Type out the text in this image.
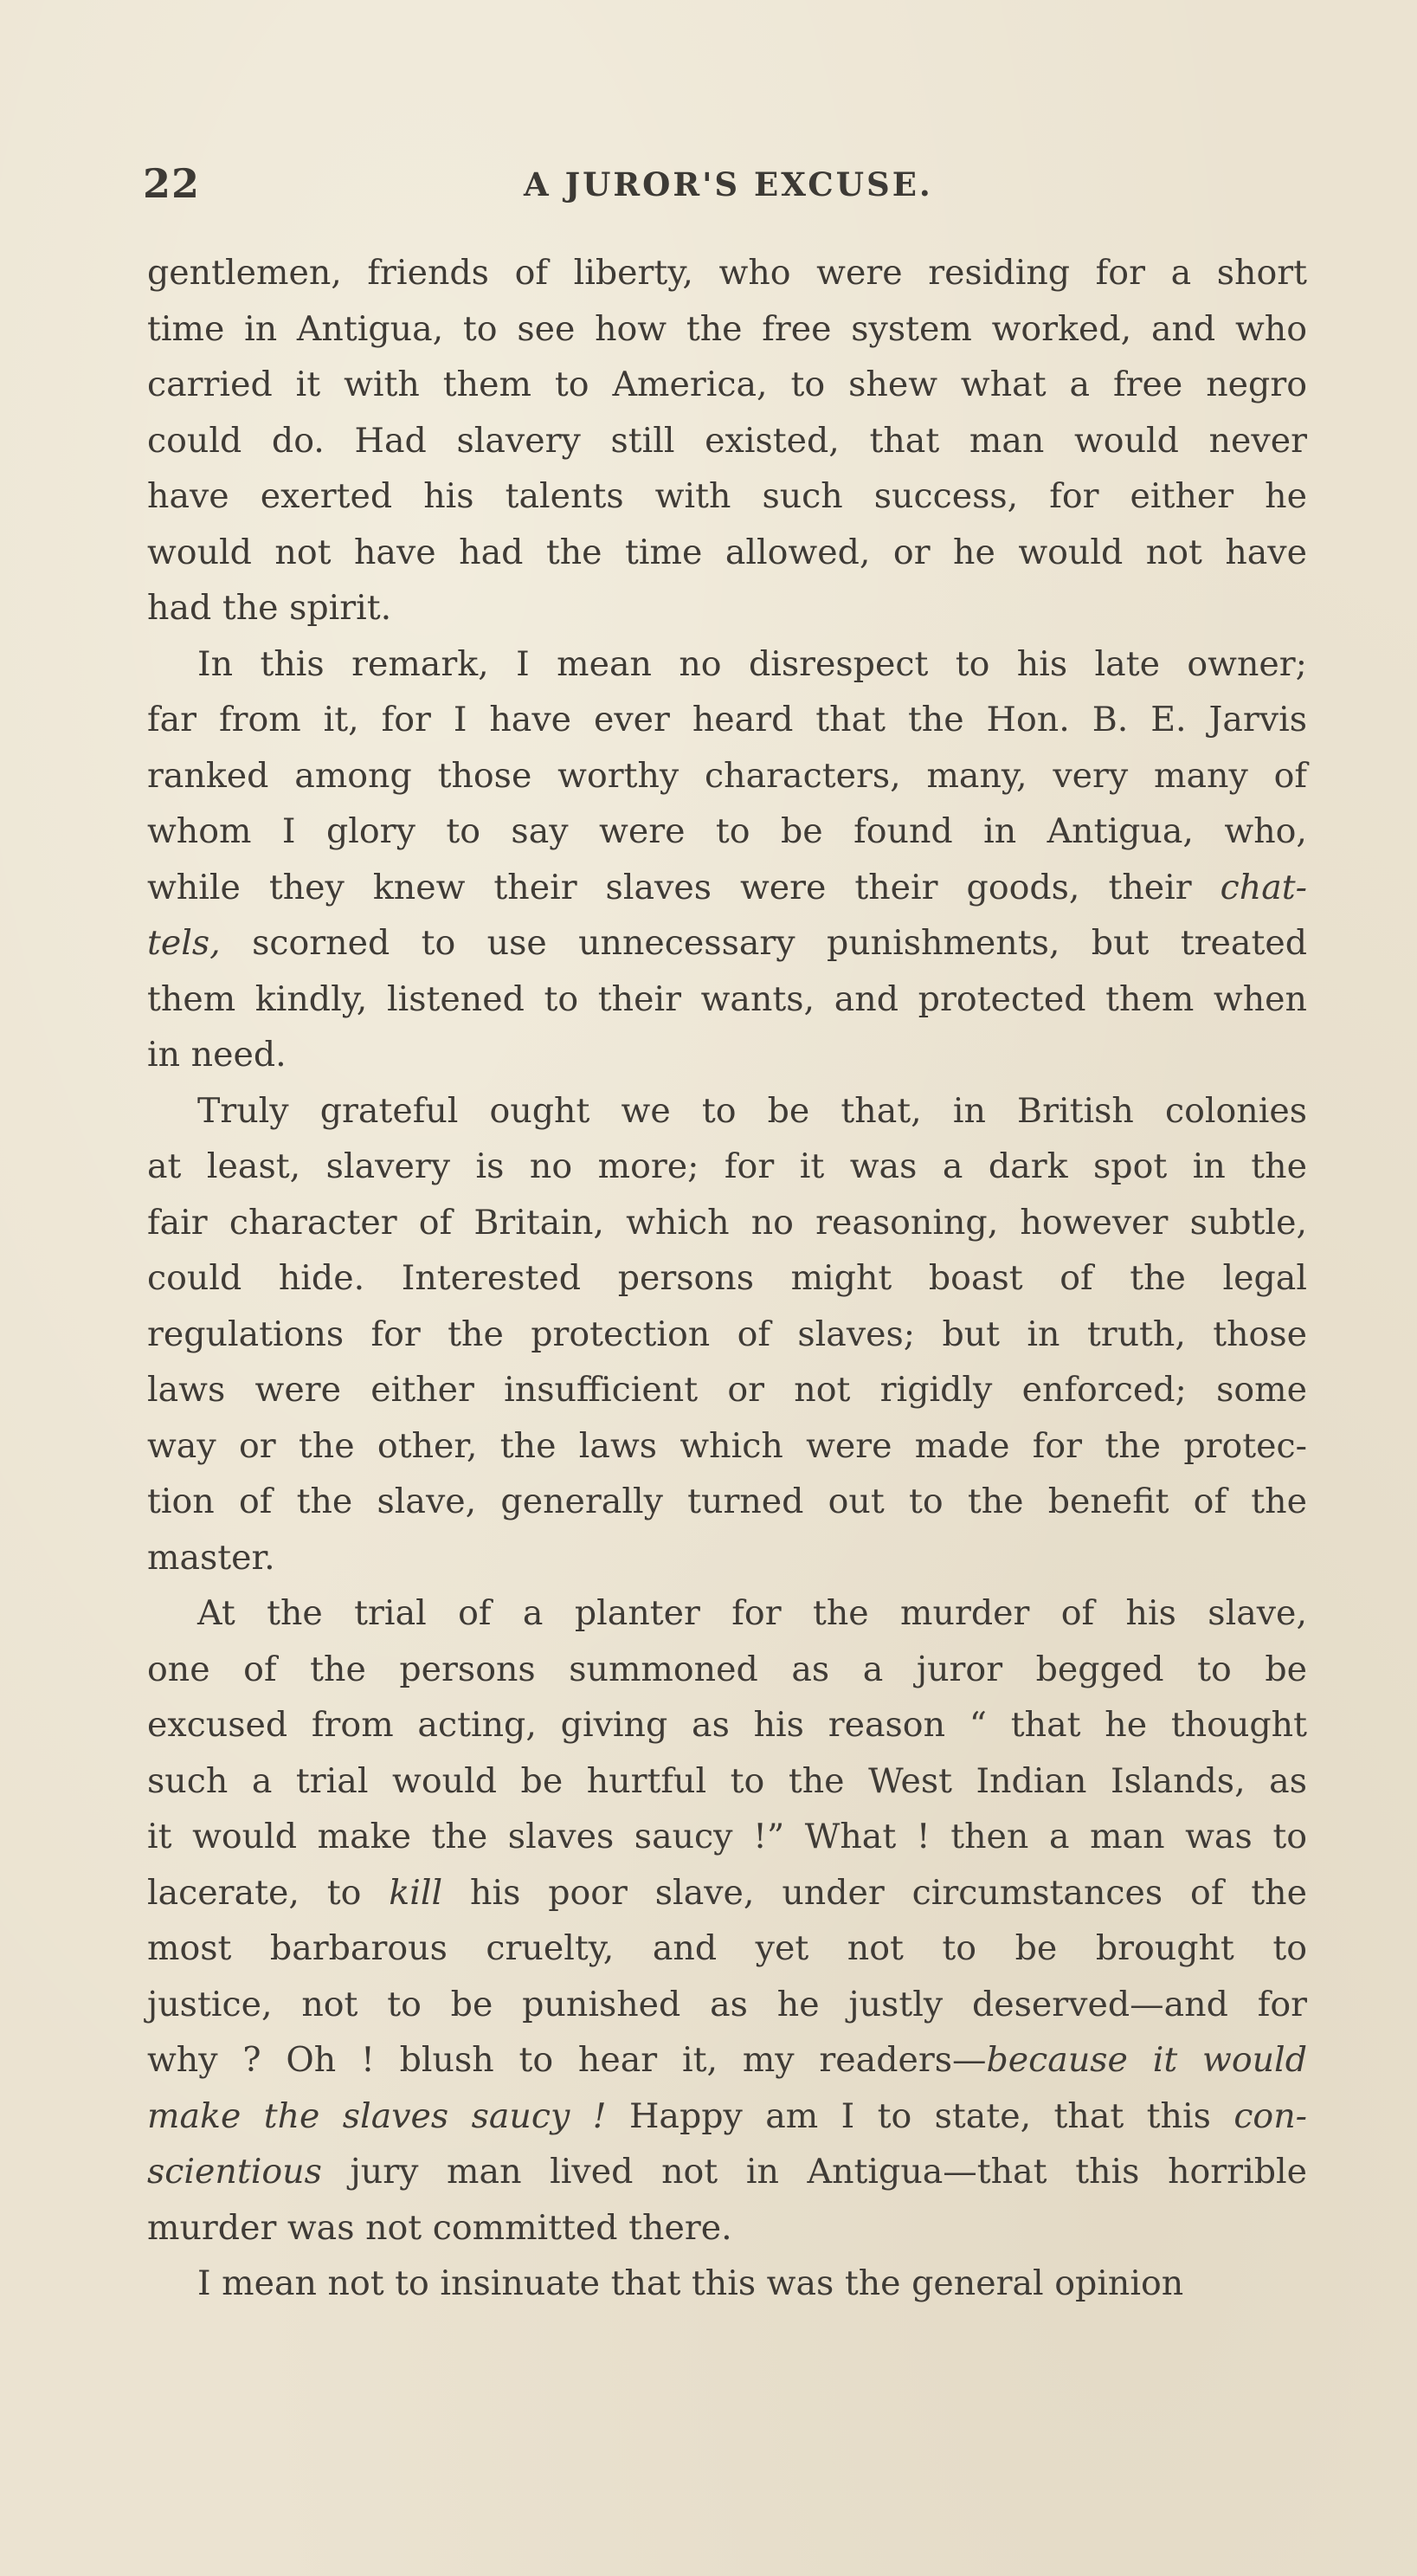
22	A JUROR'S EXCUSE.
gentlemen, friends of liberty, who were residing for a short
time in Antigua, to see how the free system worked, and who
carried it with them to America, to shew what a free negro
could do. Had slavery still existed, that man would never
have exerted his talents with such success, for either he
would not have had the time allowed, or he would not have
had the spirit.
In this remark, I mean no disrespect to his late owner;
far from it, for I have ever heard that the Hon. B. E. Jarvis
ranked among those worthy characters, many, very many of
whom I glory to say were to be found in Antigua, who,
while they knew their slaves were their goods, their chat-
tels, scorned to use unnecessary punishments, but treated
them kindly, listened to their wants, and protected them when
in need.
Truly grateful ought we to be that, in British colonies
at least, slavery is no more; for it was a dark spot in the
fair character of Britain, which no reasoning, however subtle,
could hide. Interested persons might boast of the legal
regulations for the protection of slaves; but in truth, those
laws were either insufficient or not rigidly enforced; some
way or the other, the laws which were made for the protec-
tion of the slave, generally turned out to the benefit of the
master.
At the trial of a planter for the murder of his slave,
one of the persons summoned as a juror begged to be
excused from acting, giving as his reason “ that he thought
such a trial would be hurtful to the West Indian Islands, as
it would make the slaves saucy !” What ! then a man was to
lacerate, to kill his poor slave, under circumstances of the
most barbarous cruelty, and yet not to be brought to
justice, not to be punished as he justly deserved—and for
why ? Oh ! blush to hear it, my readers—because it would
make the slaves saucy ! Happy am I to state, that this con-
scientious jury man lived not in Antigua—that this horrible
murder was not committed there.
I mean not to insinuate that this was the general opinion
